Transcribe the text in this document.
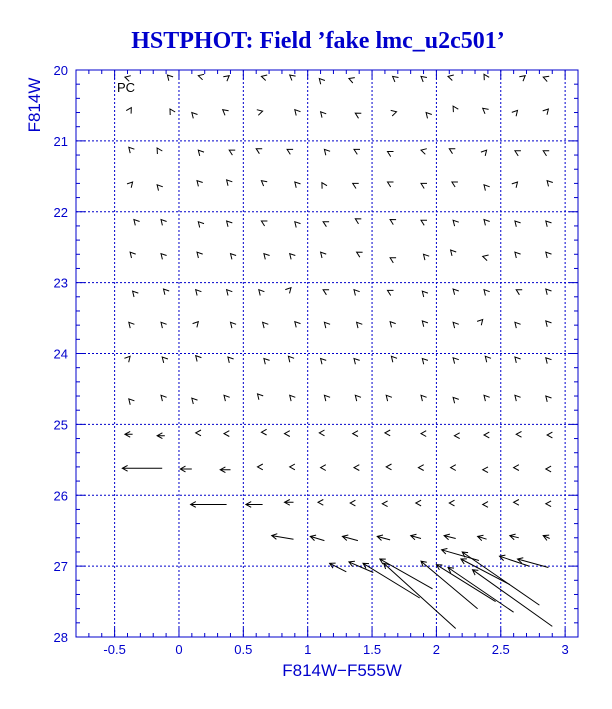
HSTPHOT: Field ’fake lmc_u2c501’
-0.5	0	0.5	1	1.5	2	2.5	3
20
21
22
23
24
25
26
27
28
PC
F814W−F555W
F814W
